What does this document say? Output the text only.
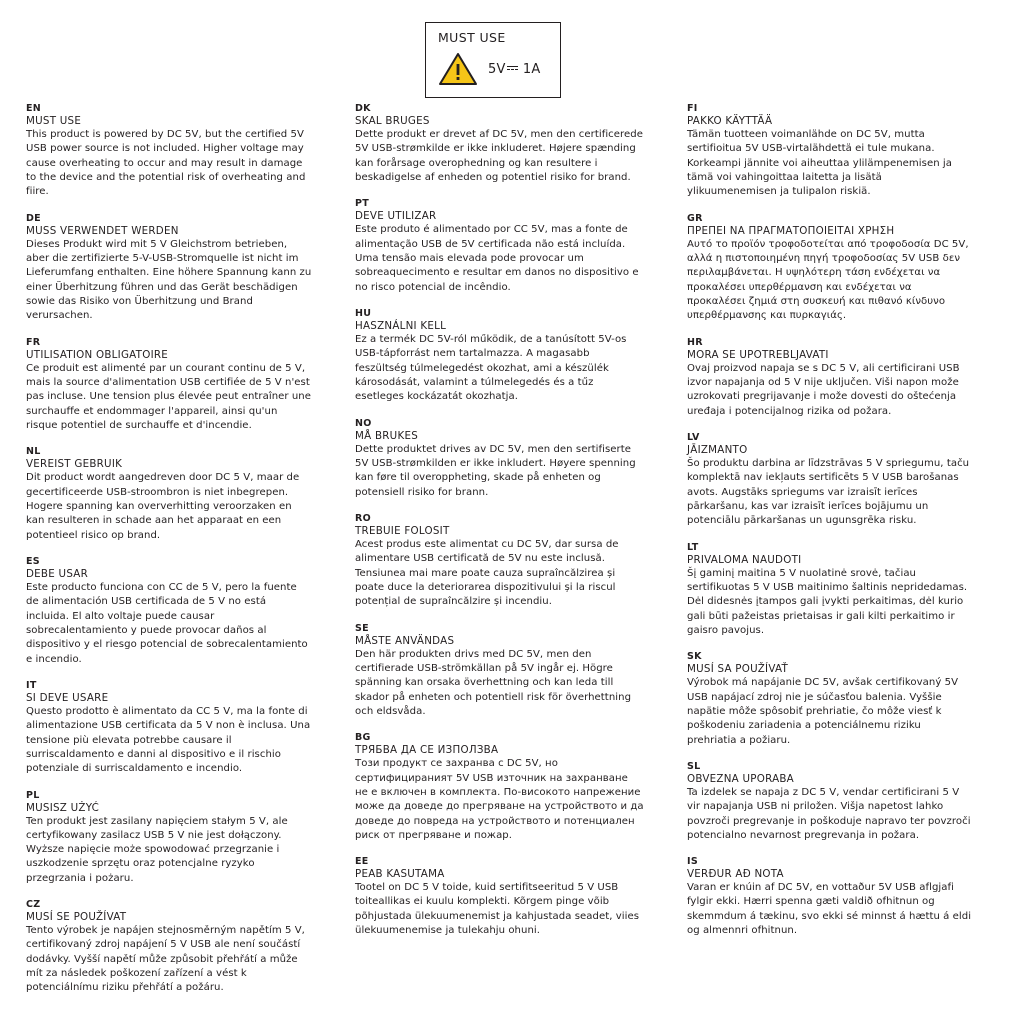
MUST USE
5V 1A
EN
MUST USE
This product is powered by DC 5V, but the certified 5V USB power source is not included. Higher voltage may cause overheating to occur and may result in damage to the device and the potential risk of overheating and fiire.
DE
MUSS VERWENDET WERDEN
Dieses Produkt wird mit 5 V Gleichstrom betrieben, aber die zertifizierte 5-V-USB-Stromquelle ist nicht im Lieferumfang enthalten. Eine höhere Spannung kann zu einer Überhitzung führen und das Gerät beschädigen sowie das Risiko von Überhitzung und Brand verursachen.
FR
UTILISATION OBLIGATOIRE
Ce produit est alimenté par un courant continu de 5 V, mais la source d'alimentation USB certifiée de 5 V n'est pas incluse. Une tension plus élevée peut entraîner une surchauffe et endommager l'appareil, ainsi qu'un risque potentiel de surchauffe et d'incendie.
NL
VEREIST GEBRUIK
Dit product wordt aangedreven door DC 5 V, maar de gecertificeerde USB-stroombron is niet inbegrepen. Hogere spanning kan oververhitting veroorzaken en kan resulteren in schade aan het apparaat en een potentieel risico op brand.
ES
DEBE USAR
Este producto funciona con CC de 5 V, pero la fuente de alimentación USB certificada de 5 V no está incluida. El alto voltaje puede causar sobrecalentamiento y puede provocar daños al dispositivo y el riesgo potencial de sobrecalentamiento e incendio.
IT
SI DEVE USARE
Questo prodotto è alimentato da CC 5 V, ma la fonte di alimentazione USB certificata da 5 V non è inclusa. Una tensione più elevata potrebbe causare il surriscaldamento e danni al dispositivo e il rischio potenziale di surriscaldamento e incendio.
PL
MUSISZ UŻYĆ
Ten produkt jest zasilany napięciem stałym 5 V, ale certyfikowany zasilacz USB 5 V nie jest dołączony. Wyższe napięcie może spowodować przegrzanie i uszkodzenie sprzętu oraz potencjalne ryzyko przegrzania i pożaru.
CZ
MUSÍ SE POUŽÍVAT
Tento výrobek je napájen stejnosměrným napětím 5 V, certifikovaný zdroj napájení 5 V USB ale není součástí dodávky. Vyšší napětí může způsobit přehřátí a může mít za následek poškození zařízení a vést k potenciálnímu riziku přehřátí a požáru.
DK
SKAL BRUGES
Dette produkt er drevet af DC 5V, men den certificerede 5V USB-strømkilde er ikke inkluderet. Højere spænding kan forårsage overophedning og kan resultere i beskadigelse af enheden og potentiel risiko for brand.
PT
DEVE UTILIZAR
Este produto é alimentado por CC 5V, mas a fonte de alimentação USB de 5V certificada não está incluída. Uma tensão mais elevada pode provocar um sobreaquecimento e resultar em danos no dispositivo e no risco potencial de incêndio.
HU
HASZNÁLNI KELL
Ez a termék DC 5V-ról működik, de a tanúsított 5V-os USB-tápforrást nem tartalmazza. A magasabb feszültség túlmelegedést okozhat, ami a készülék károsodását, valamint a túlmelegedés és a tűz esetleges kockázatát okozhatja.
NO
MÅ BRUKES
Dette produktet drives av DC 5V, men den sertifiserte 5V USB-strømkilden er ikke inkludert. Høyere spenning kan føre til overoppheting, skade på enheten og potensiell risiko for brann.
RO
TREBUIE FOLOSIT
Acest produs este alimentat cu DC 5V, dar sursa de alimentare USB certificată de 5V nu este inclusă. Tensiunea mai mare poate cauza supraîncălzirea și poate duce la deteriorarea dispozitivului și la riscul potențial de supraîncălzire și incendiu.
SE
MÅSTE ANVÄNDAS
Den här produkten drivs med DC 5V, men den certifierade USB-strömkällan på 5V ingår ej. Högre spänning kan orsaka överhettning och kan leda till skador på enheten och potentiell risk för överhettning och eldsvåda.
BG
ТРЯБВА ДА СЕ ИЗПОЛЗВА
Този продукт се захранва с DC 5V, но сертифицираният 5V USB източник на захранване не е включен в комплекта. По-високото напрежение може да доведе до прегряване на устройството и да доведе до повреда на устройството и потенциален риск от прегряване и пожар.
EE
PEAB KASUTAMA
Tootel on DC 5 V toide, kuid sertifitseeritud 5 V USB toiteallikas ei kuulu komplekti. Kõrgem pinge võib põhjustada ülekuumenemist ja kahjustada seadet, viies ülekuumenemise ja tulekahju ohuni.
FI
PAKKO KÄYTTÄÄ
Tämän tuotteen voimanlähde on DC 5V, mutta sertifioitua 5V USB-virtalähdettä ei tule mukana. Korkeampi jännite voi aiheuttaa ylilämpenemisen ja tämä voi vahingoittaa laitetta ja lisätä ylikuumenemisen ja tulipalon riskiä.
GR
ΠΡΕΠΕΙ ΝΑ ΠΡΑΓΜΑΤΟΠΟΙΕΙΤΑΙ ΧΡΗΣΗ
Αυτό το προϊόν τροφοδοτείται από τροφοδοσία DC 5V, αλλά η πιστοποιημένη πηγή τροφοδοσίας 5V USB δεν περιλαμβάνεται. Η υψηλότερη τάση ενδέχεται να προκαλέσει υπερθέρμανση και ενδέχεται να προκαλέσει ζημιά στη συσκευή και πιθανό κίνδυνο υπερθέρμανσης και πυρκαγιάς.
HR
MORA SE UPOTREBLJAVATI
Ovaj proizvod napaja se s DC 5 V, ali certificirani USB izvor napajanja od 5 V nije uključen. Viši napon može uzrokovati pregrijavanje i može dovesti do oštećenja uređaja i potencijalnog rizika od požara.
LV
JĀIZMANTO
Šo produktu darbina ar līdzstrāvas 5 V spriegumu, taču komplektā nav iekļauts sertificēts 5 V USB barošanas avots. Augstāks spriegums var izraisīt ierīces pārkaršanu, kas var izraisīt ierīces bojājumu un potenciālu pārkaršanas un ugunsgrēka risku.
LT
PRIVALOMA NAUDOTI
Šį gaminį maitina 5 V nuolatinė srovė, tačiau sertifikuotas 5 V USB maitinimo šaltinis nepridedamas. Dėl didesnės įtampos gali įvykti perkaitimas, dėl kurio gali būti pažeistas prietaisas ir gali kilti perkaitimo ir gaisro pavojus.
SK
MUSÍ SA POUŽÍVAŤ
Výrobok má napájanie DC 5V, avšak certifikovaný 5V USB napájací zdroj nie je súčasťou balenia. Vyššie napätie môže spôsobiť prehriatie, čo môže viesť k poškodeniu zariadenia a potenciálnemu riziku prehriatia a požiaru.
SL
OBVEZNA UPORABA
Ta izdelek se napaja z DC 5 V, vendar certificirani 5 V vir napajanja USB ni priložen. Višja napetost lahko povzroči pregrevanje in poškoduje napravo ter povzroči potencialno nevarnost pregrevanja in požara.
IS
VERÐUR AÐ NOTA
Varan er knúin af DC 5V, en vottaður 5V USB aflgjafi fylgir ekki. Hærri spenna gæti valdið ofhitnun og skemmdum á tækinu, svo ekki sé minnst á hættu á eldi og almennri ofhitnun.
